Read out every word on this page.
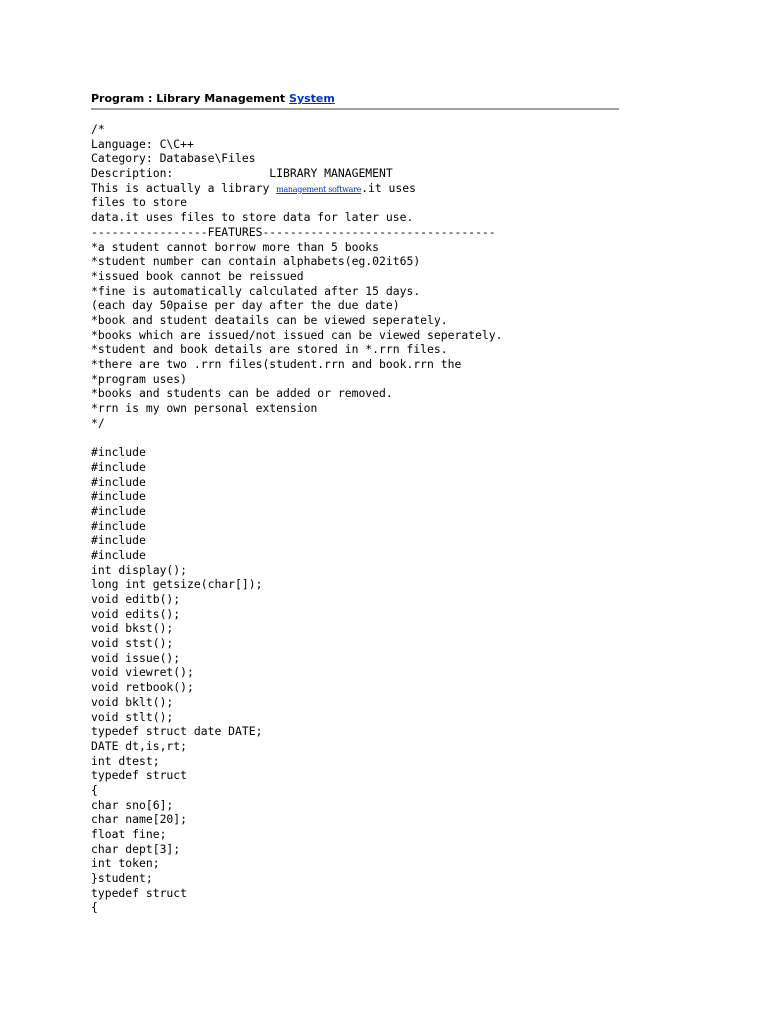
Program : Library Management System
/*
Language: C\C++
Category: Database\Files
Description:              LIBRARY MANAGEMENT
This is actually a library management software.it uses
files to store
data.it uses files to store data for later use.
-----------------FEATURES----------------------------------
*a student cannot borrow more than 5 books
*student number can contain alphabets(eg.02it65)
*issued book cannot be reissued
*fine is automatically calculated after 15 days.
(each day 50paise per day after the due date)
*book and student deatails can be viewed seperately.
*books which are issued/not issued can be viewed seperately.
*student and book details are stored in *.rrn files.
*there are two .rrn files(student.rrn and book.rrn the
*program uses)
*books and students can be added or removed.
*rrn is my own personal extension
*/
#include
#include
#include
#include
#include
#include
#include
#include
int display();
long int getsize(char[]);
void editb();
void edits();
void bkst();
void stst();
void issue();
void viewret();
void retbook();
void bklt();
void stlt();
typedef struct date DATE;
DATE dt,is,rt;
int dtest;
typedef struct
{
char sno[6];
char name[20];
float fine;
char dept[3];
int token;
}student;
typedef struct
{
